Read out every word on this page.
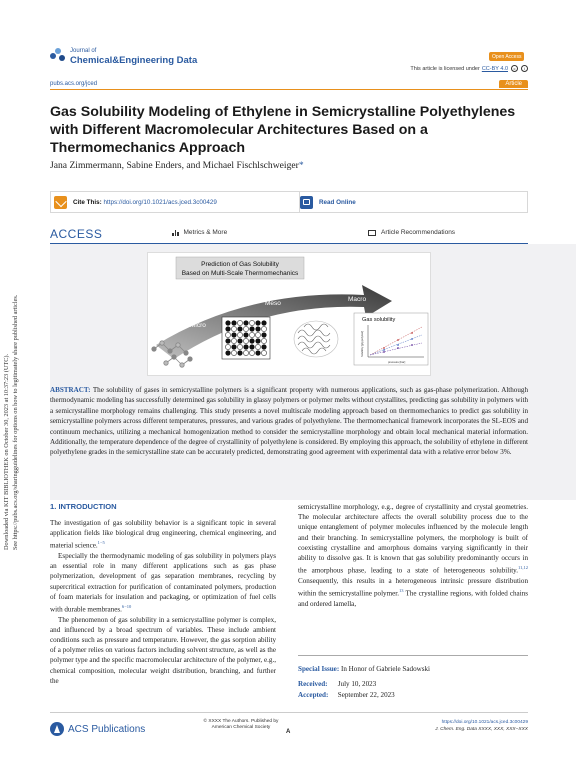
Downloaded via KIT BIBLIOTHEK on October 30, 2023 at 10:37:23 (UTC). See https://pubs.acs.org/sharingguidelines for options on how to legitimately share published articles.
Journal of
Chemical&Engineering Data	Open Access
This article is licensed under CC-BY 4.0	c	i
pubs.acs.org/jced	Article
Gas Solubility Modeling of Ethylene in Semicrystalline Polyethylenes with Different Macromolecular Architectures Based on a Thermomechanics Approach
Jana Zimmermann, Sabine Enders, and Michael Fischlschweiger*
Cite This: https://doi.org/10.1021/acs.jced.3c00429	Read Online
ACCESS	Metrics & More	Article Recommendations
Prediction of Gas Solubility
Based on Multi-Scale Thermomechanics
Micro
Meso
Macro
Gas solubility
Solubility [g/g polymer]
pressure [bar]

ABSTRACT: The solubility of gases in semicrystalline polymers is a significant property with numerous applications, such as gas-phase polymerization. Although thermodynamic modeling has successfully determined gas solubility in glassy polymers or polymer melts without crystallites, predicting gas solubility in polymers with a semicrystalline morphology remains challenging. This study presents a novel multiscale modeling approach based on thermomechanics to predict gas solubility in semicrystalline polymers across different temperatures, pressures, and various grades of polyethylene. The thermomechanical framework incorporates the SL-EOS and continuum mechanics, utilizing a mechanical homogenization method to consider the semicrystalline morphology and obtain local mechanical material information. Additionally, the temperature dependence of the degree of crystallinity of polyethylene is considered. By employing this approach, the solubility of ethylene in different polyethylene grades in the semicrystalline state can be accurately predicted, demonstrating good agreement with experimental data with a relative error below 3%.

1. INTRODUCTION

The investigation of gas solubility behavior is a significant topic in several application fields like biological drug engineering, chemical engineering, and material science.$^{1-5}$

Especially the thermodynamic modeling of gas solubility in polymers plays an essential role in many different applications such as gas phase polymerization, development of gas separation membranes, recycling by supercritical extraction for purification of contaminated polymers, production of foam materials for insulation and packaging, or optimization of fuel cells with durable membranes.$^{6-10}$

The phenomenon of gas solubility in a semicrystalline polymer is complex, and influenced by a broad spectrum of variables. These include ambient conditions such as pressure and temperature. However, the gas sorption ability of a polymer relies on various factors including solvent structure, as well as the polymer type and the specific macromolecular architecture of the polymer, e.g., chemical composition, molecular weight distribution, branching, and further the

semicrystalline morphology, e.g., degree of crystallinity and crystal geometries. The molecular architecture affects the overall solubility process due to the unique entanglement of polymer molecules influenced by the molecule length and their branching. In semicrystalline polymers, the morphology is built of coexisting crystalline and amorphous domains varying significantly in their ability to dissolve gas. It is known that gas solubility predominantly occurs in the amorphous phase, leading to a state of heterogeneous solubility.$^{11,12}$ Consequently, this results in a heterogeneous intrinsic pressure distribution within the semicrystalline polymer.$^{13}$ The crystalline regions, with folded chains and ordered lamella,

Special Issue: In Honor of Gabriele Sadowski
Received: July 10, 2023
Accepted: September 22, 2023
ACS Publications
© XXXX The Authors. Published by
American Chemical Society
A
https://doi.org/10.1021/acs.jced.3c00429
J. Chem. Eng. Data XXXX, XXX, XXX−XXX
